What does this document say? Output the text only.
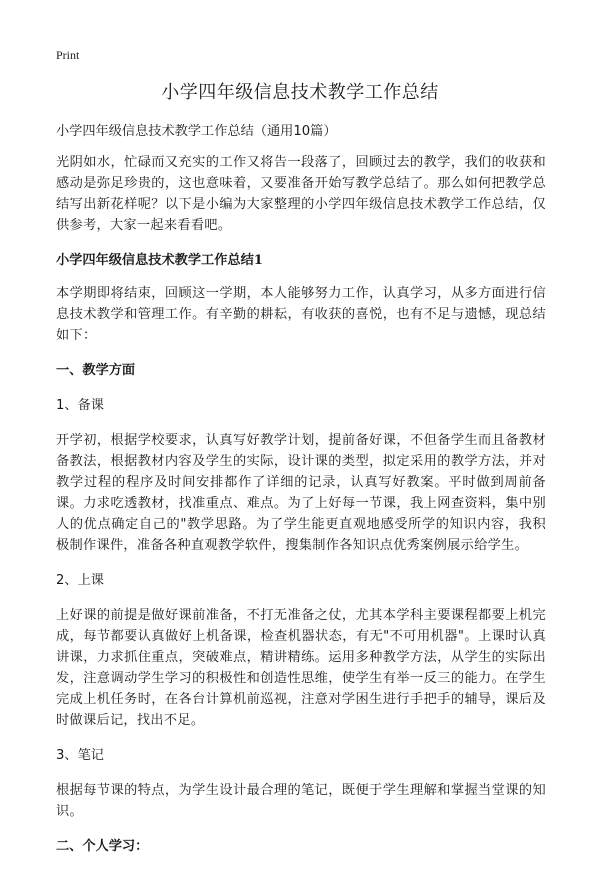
Print
小学四年级信息技术教学工作总结

小学四年级信息技术教学工作总结（通用10篇）

光阴如水，忙碌而又充实的工作又将告一段落了，回顾过去的教学，我们的收获和感动是弥足珍贵的，这也意味着，又要准备开始写教学总结了。那么如何把教学总结写出新花样呢？以下是小编为大家整理的小学四年级信息技术教学工作总结，仅供参考，大家一起来看看吧。

小学四年级信息技术教学工作总结1

本学期即将结束，回顾这一学期，本人能够努力工作，认真学习，从多方面进行信息技术教学和管理工作。有辛勤的耕耘，有收获的喜悦，也有不足与遗憾，现总结如下：

一、教学方面

1、备课

开学初，根据学校要求，认真写好教学计划，提前备好课，不但备学生而且备教材备教法，根据教材内容及学生的实际，设计课的类型，拟定采用的教学方法，并对教学过程的程序及时间安排都作了详细的记录，认真写好教案。平时做到周前备课。力求吃透教材，找准重点、难点。为了上好每一节课，我上网查资料，集中别人的优点确定自己的"教学思路。为了学生能更直观地感受所学的知识内容，我积极制作课件，准备各种直观教学软件，搜集制作各知识点优秀案例展示给学生。

2、上课

上好课的前提是做好课前准备，不打无准备之仗，尤其本学科主要课程都要上机完成，每节都要认真做好上机备课，检查机器状态，有无"不可用机器"。上课时认真讲课，力求抓住重点，突破难点，精讲精练。运用多种教学方法，从学生的实际出发，注意调动学生学习的积极性和创造性思维，使学生有举一反三的能力。在学生完成上机任务时，在各台计算机前巡视，注意对学困生进行手把手的辅导，课后及时做课后记，找出不足。

3、笔记

根据每节课的特点，为学生设计最合理的笔记，既便于学生理解和掌握当堂课的知识。

二、个人学习：
